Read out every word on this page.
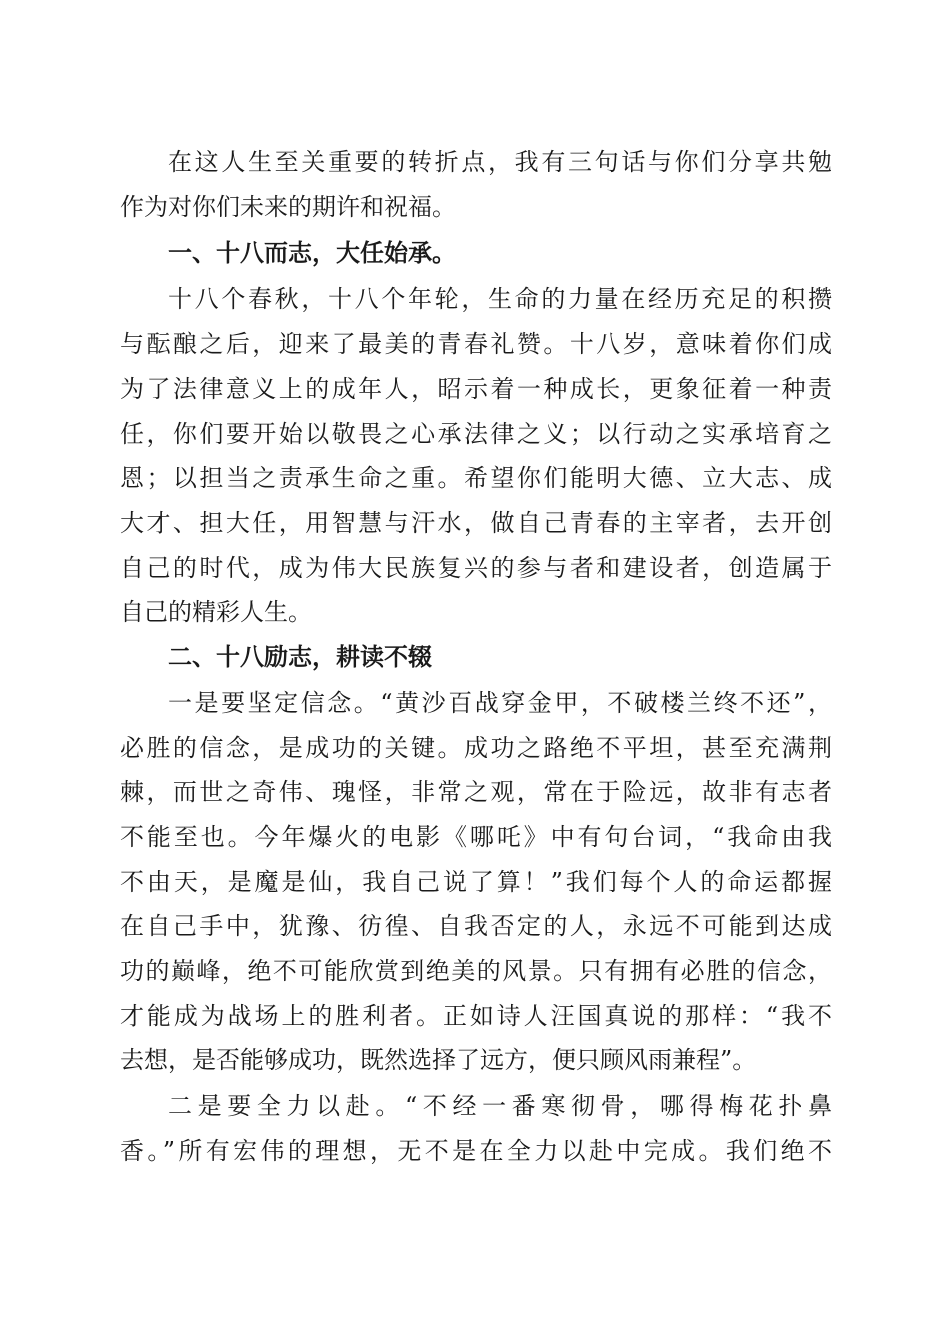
在这人生至关重要的转折点，我有三句话与你们分享共勉
作为对你们未来的期许和祝福。
一、十八而志，大任始承。
十八个春秋，十八个年轮，生命的力量在经历充足的积攒
与酝酿之后，迎来了最美的青春礼赞。十八岁，意味着你们成
为了法律意义上的成年人，昭示着一种成长，更象征着一种责
任，你们要开始以敬畏之心承法律之义；以行动之实承培育之
恩；以担当之责承生命之重。希望你们能明大德、立大志、成
大才、担大任，用智慧与汗水，做自己青春的主宰者，去开创
自己的时代，成为伟大民族复兴的参与者和建设者，创造属于
自己的精彩人生。
二、十八励志，耕读不辍
一是要坚定信念。“黄沙百战穿金甲，不破楼兰终不还”，
必胜的信念，是成功的关键。成功之路绝不平坦，甚至充满荆
棘，而世之奇伟、瑰怪，非常之观，常在于险远，故非有志者
不能至也。今年爆火的电影《哪吒》中有句台词，“我命由我
不由天，是魔是仙，我自己说了算！”我们每个人的命运都握
在自己手中，犹豫、彷徨、自我否定的人，永远不可能到达成
功的巅峰，绝不可能欣赏到绝美的风景。只有拥有必胜的信念，
才能成为战场上的胜利者。正如诗人汪国真说的那样：“我不
去想，是否能够成功，既然选择了远方，便只顾风雨兼程”。
二是要全力以赴。“不经一番寒彻骨，哪得梅花扑鼻
香。”所有宏伟的理想，无不是在全力以赴中完成。我们绝不
